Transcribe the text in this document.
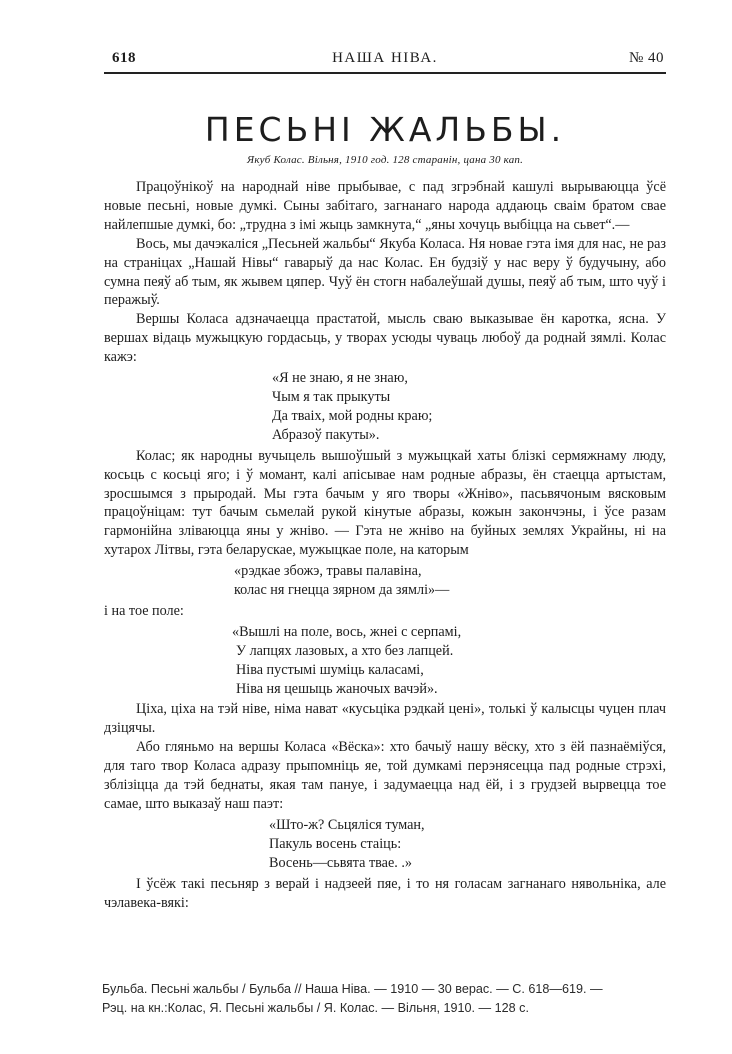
618	НАША НІВА.	№ 40
ПЕСЬНІ ЖАЛЬБЫ.
Якуб Колас. Вільня, 1910 год. 128 старанін, цана 30 кап.

Працоўнікоў на народнай ніве прыбывае, с пад згрэбнай кашулі вырываюцца ўсё новые песьні, новые думкі. Сыны забітаго, загнанаго народа аддаюць сваім братом свае найлепшые думкі, бо: „трудна з імі жыць замкнута,“ „яны хочуць выбіцца на сьвет“.—

Вось, мы дачэкаліся „Песьней жальбы“ Якуба Коласа. Ня новае гэта імя для нас, не раз на страніцах „Нашай Нівы“ гаварыў да нас Колас. Ен будзіў у нас веру ў будучыну, або сумна пеяў аб тым, як жывем цяпер. Чуў ён стогн набалеўшай душы, пеяў аб тым, што чуў і перажыў.

Вершы Коласа адзначаецца прастатой, мысль сваю выказывае ён каротка, ясна. У вершах відаць мужыцкую гордасьць, у творах усюды чуваць любоў да роднай зямлі. Колас кажэ:

«Я не знаю, я не знаю,
Чым я так прыкуты
Да тваіх, мой родны краю;
Абразоў пакуты».

Колас; як народны вучыцель вышоўшый з мужыцкай хаты блізкі сермяжнаму люду, косьць с косьці яго; і ў момант, калі апісывае нам родные абразы, ён стаецца артыстам, зросшымся з прыродай. Мы гэта бачым у яго творы «Жніво», пасьвячоным вясковым працоўніцам: тут бачым сьмелай рукой кінутые абразы, кожын закончэны, і ўсе разам гармонійна зліваюцца яны у жніво. — Гэта не жніво на буйных землях Украйны, ні на хутарох Літвы, гэта беларускае, мужыцкае поле, на каторым

«рэдкае збожэ, травы палавіна,
колас ня гнецца зярном да зямлі»—

і на тое поле:

«Вышлі на поле, вось, жнеі с серпамі,
У лапцях лазовых, а хто без лапцей.
Ніва пустымі шуміць каласамі,
Ніва ня цешыць жаночых вачэй».

Ціха, ціха на тэй ніве, німа нават «кусьціка рэдкай цені», толькі ў калысцы чуцен плач дзіцячы.

Або гляньмо на вершы Коласа «Вёска»: хто бачыў нашу вёску, хто з ёй пазнаёміўся, для таго твор Коласа адразу прыпомніць яе, той думкамі перэнясецца пад родные стрэхі, зблізіцца да тэй беднаты, якая там пануе, і задумаецца над ёй, і з грудзей вырвецца тое самае, што выказаў наш паэт:

«Што-ж? Сьцяліся туман,
Пакуль восень стаіць:
Восень—сьвята твае. .»

І ўсёж такі песьняр з верай і надзеей пяе, і то ня голасам загнанаго нявольніка, але чэлавека-вякі:

Бульба. Песьні жальбы / Бульба // Наша Ніва. — 1910 — 30 верас. — С. 618—619. —
Рэц. на кн.:Колас, Я. Песьні жальбы / Я. Колас. — Вільня, 1910. — 128 с.
